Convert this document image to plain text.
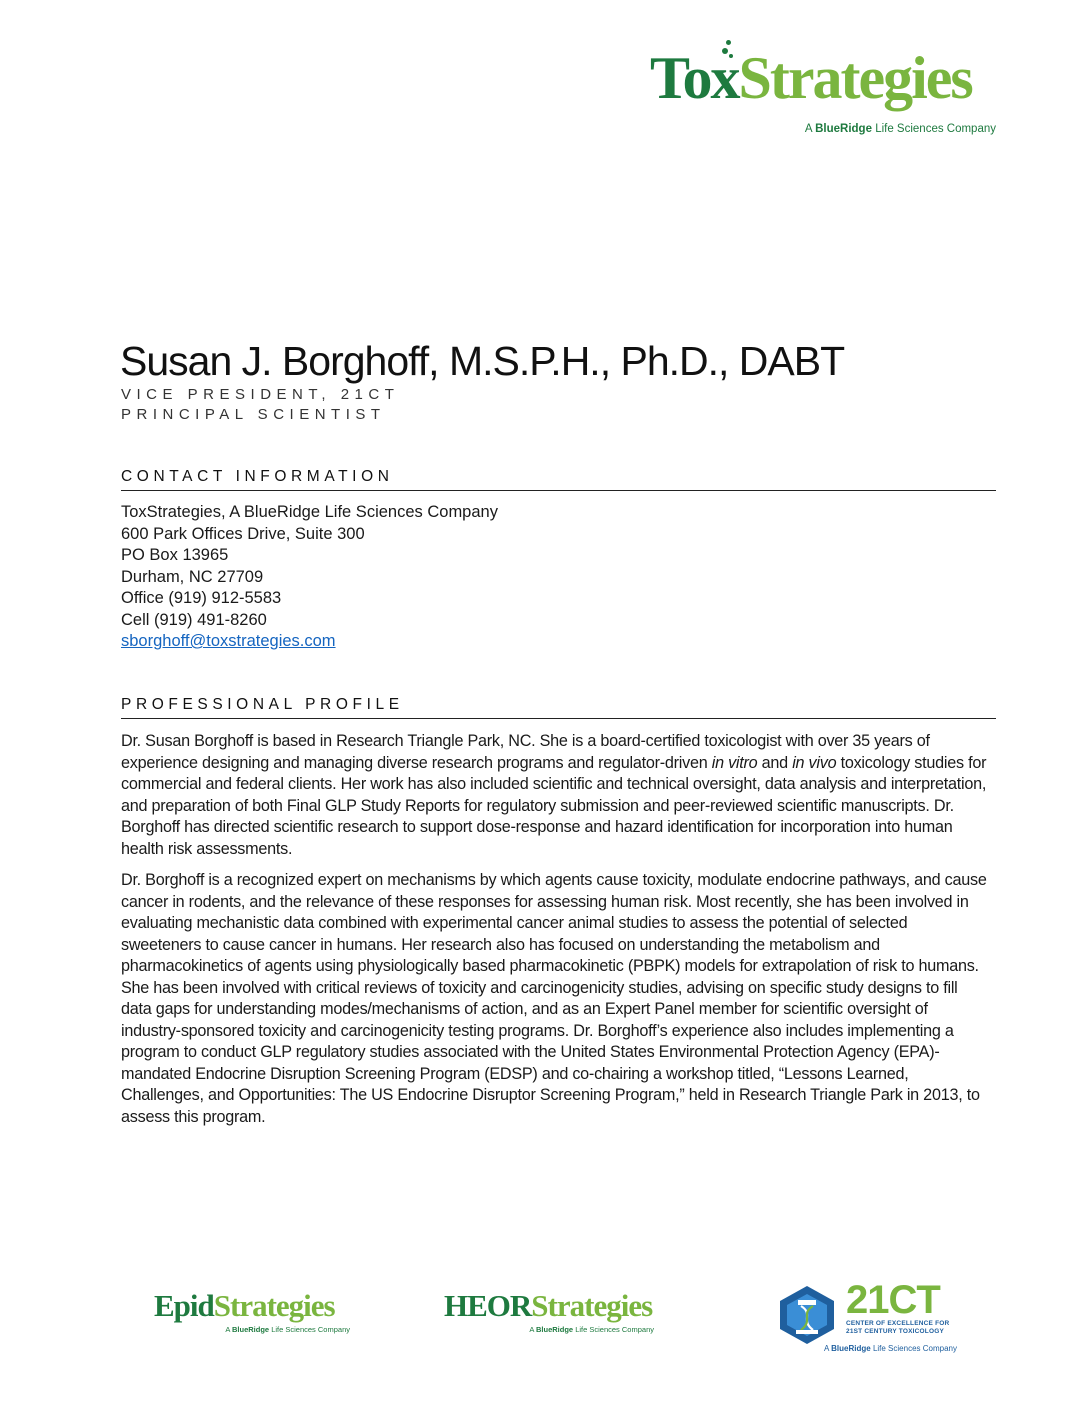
ToxStrategies
A BlueRidge Life Sciences Company
Susan J. Borghoff, M.S.P.H., Ph.D., DABT
VICE PRESIDENT, 21CT
PRINCIPAL SCIENTIST
CONTACT INFORMATION
ToxStrategies, A BlueRidge Life Sciences Company
600 Park Offices Drive, Suite 300
PO Box 13965
Durham, NC 27709
Office (919) 912-5583
Cell (919) 491-8260
sborghoff@toxstrategies.com
PROFESSIONAL PROFILE

Dr. Susan Borghoff is based in Research Triangle Park, NC. She is a board-certified toxicologist with over 35 years of experience designing and managing diverse research programs and regulator-driven in vitro and in vivo toxicology studies for commercial and federal clients. Her work has also included scientific and technical oversight, data analysis and interpretation, and preparation of both Final GLP Study Reports for regulatory submission and peer-reviewed scientific manuscripts. Dr. Borghoff has directed scientific research to support dose-response and hazard identification for incorporation into human health risk assessments.

Dr. Borghoff is a recognized expert on mechanisms by which agents cause toxicity, modulate endocrine pathways, and cause cancer in rodents, and the relevance of these responses for assessing human risk. Most recently, she has been involved in evaluating mechanistic data combined with experimental cancer animal studies to assess the potential of selected sweeteners to cause cancer in humans. Her research also has focused on understanding the metabolism and pharmacokinetics of agents using physiologically based pharmacokinetic (PBPK) models for extrapolation of risk to humans. She has been involved with critical reviews of toxicity and carcinogenicity studies, advising on specific study designs to fill data gaps for understanding modes/mechanisms of action, and as an Expert Panel member for scientific oversight of industry-sponsored toxicity and carcinogenicity testing programs. Dr. Borghoff’s experience also includes implementing a program to conduct GLP regulatory studies associated with the United States Environmental Protection Agency (EPA)-mandated Endocrine Disruption Screening Program (EDSP) and co-chairing a workshop titled, “Lessons Learned, Challenges, and Opportunities: The US Endocrine Disruptor Screening Program,” held in Research Triangle Park in 2013, to assess this program.

EpidStrategies
A BlueRidge Life Sciences Company
HEORStrategies
A BlueRidge Life Sciences Company
21CT
CENTER OF EXCELLENCE FOR
21ST CENTURY TOXICOLOGY
A BlueRidge Life Sciences Company
